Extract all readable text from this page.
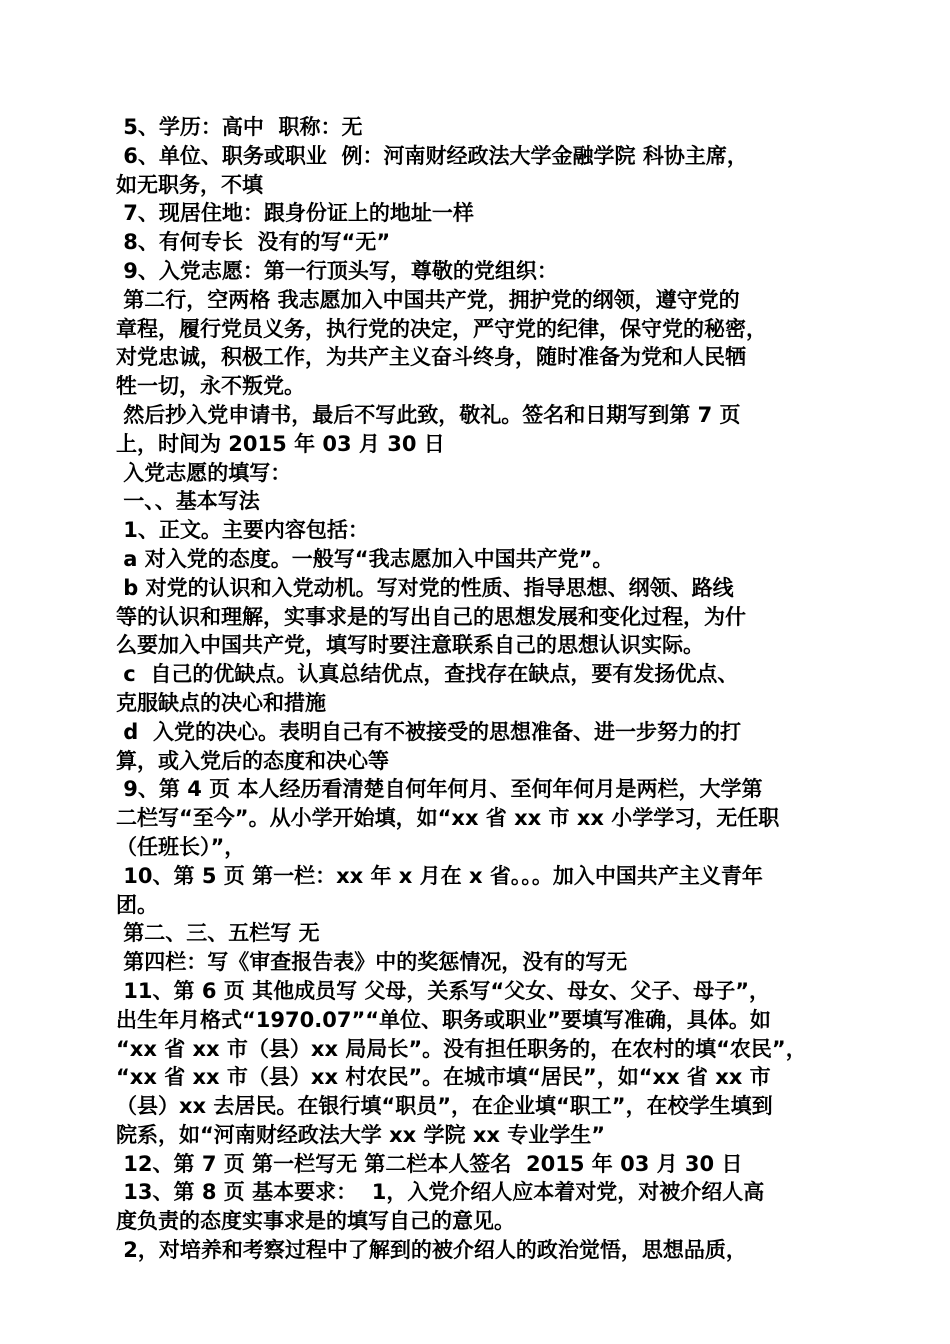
5、学历：高中  职称：无
6、单位、职务或职业  例：河南财经政法大学金融学院 科协主席，
如无职务，不填
7、现居住地：跟身份证上的地址一样
8、有何专长  没有的写“无”
9、入党志愿：第一行顶头写，尊敬的党组织：
第二行，空两格 我志愿加入中国共产党，拥护党的纲领，遵守党的
章程，履行党员义务，执行党的决定，严守党的纪律，保守党的秘密，
对党忠诚，积极工作，为共产主义奋斗终身，随时准备为党和人民牺
牲一切，永不叛党。
然后抄入党申请书，最后不写此致，敬礼。签名和日期写到第 7 页
上，时间为 2015 年 03 月 30 日
入党志愿的填写：
一、、基本写法
1、正文。主要内容包括：
a 对入党的态度。一般写“我志愿加入中国共产党”。
b 对党的认识和入党动机。写对党的性质、指导思想、纲领、路线
等的认识和理解，实事求是的写出自己的思想发展和变化过程，为什
么要加入中国共产党，填写时要注意联系自己的思想认识实际。
c  自己的优缺点。认真总结优点，查找存在缺点，要有发扬优点、
克服缺点的决心和措施
d  入党的决心。表明自己有不被接受的思想准备、进一步努力的打
算，或入党后的态度和决心等
9、第 4 页 本人经历看清楚自何年何月、至何年何月是两栏，大学第
二栏写“至今”。从小学开始填，如“xx 省 xx 市 xx 小学学习，无任职
（任班长）”，
10、第 5 页 第一栏：xx 年 x 月在 x 省。。。加入中国共产主义青年
团。
第二、三、五栏写 无
第四栏：写《审查报告表》中的奖惩情况，没有的写无
11、第 6 页 其他成员写 父母，关系写“父女、母女、父子、母子”，
出生年月格式“1970.07”“单位、职务或职业”要填写准确，具体。如
“xx 省 xx 市（县）xx 局局长”。没有担任职务的，在农村的填“农民”，
“xx 省 xx 市（县）xx 村农民”。在城市填“居民”，如“xx 省 xx 市
（县）xx 去居民。在银行填“职员”，在企业填“职工”，在校学生填到
院系，如“河南财经政法大学 xx 学院 xx 专业学生”
12、第 7 页 第一栏写无 第二栏本人签名  2015 年 03 月 30 日
13、第 8 页 基本要求：  1，入党介绍人应本着对党，对被介绍人高
度负责的态度实事求是的填写自己的意见。
2，对培养和考察过程中了解到的被介绍人的政治觉悟，思想品质，
